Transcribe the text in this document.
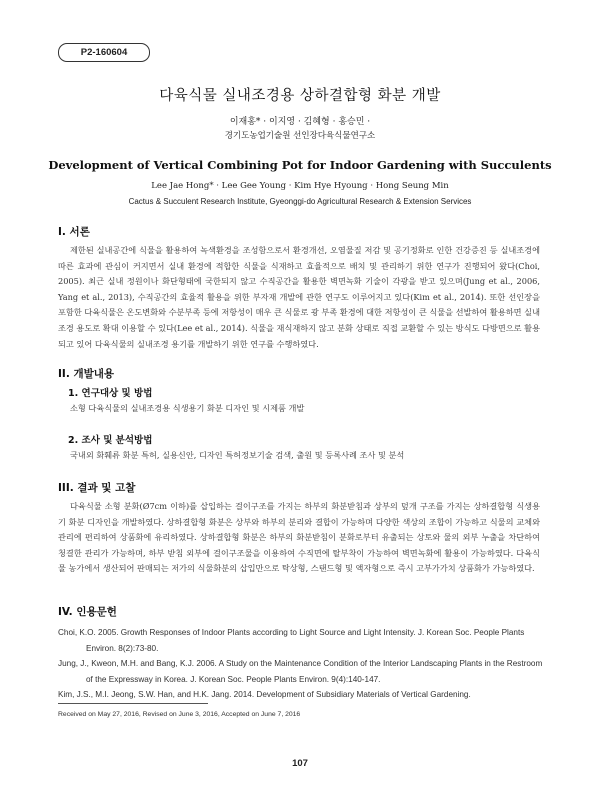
P2-160604
다육식물 실내조경용 상하결합형 화분 개발
이재홍* · 이지영 · 김혜형 · 홍승민 ·
경기도농업기술원 선인장다육식물연구소
Development of Vertical Combining Pot for Indoor Gardening with Succulents
Lee Jae Hong* · Lee Gee Young · Kim Hye Hyoung · Hong Seung Min
Cactus & Succulent Research Institute, Gyeonggi-do Agricultural Research & Extension Services
I. 서론
제한된 실내공간에 식물을 활용하여 녹색환경을 조성함으로서 환경개선, 오염물질 저감 및 공기정화로 인한 건강증진 등 실내조경에 따른 효과에 관심이 커지면서 실내 환경에 적합한 식물을 식재하고 효율적으로 배치 및 관리하기 위한 연구가 진행되어 왔다(Choi, 2005). 최근 실내 정원이나 화단형태에 국한되지 않고 수직공간을 활용한 벽면녹화 기술이 각광을 받고 있으며(Jung et al., 2006, Yang et al., 2013), 수직공간의 효율적 활용을 위한 부자재 개발에 관한 연구도 이루어지고 있다(Kim et al., 2014). 또한 선인장을 포함한 다육식물은 온도변화와 수분부족 등에 저항성이 매우 큰 식물로 광 부족 환경에 대한 저항성이 큰 식물을 선발하여 활용하면 실내조경 용도로 확대 이용할 수 있다(Lee et al., 2014). 식물을 재식재하지 않고 분화 상태로 직접 교환할 수 있는 방식도 다방면으로 활용되고 있어 다육식물의 실내조경 용기를 개발하기 위한 연구를 수행하였다.
II. 개발내용
1. 연구대상 및 방법
소형 다육식물의 실내조경용 식생용기 화분 디자인 및 시제품 개발
2. 조사 및 분석방법
국내외 화훼류 화분 특허, 실용신안, 디자인 특허정보기술 검색, 출원 및 등록사례 조사 및 분석
III. 결과 및 고찰
다육식물 소형 분화(Ø7cm 이하)를 삽입하는 걸이구조를 가지는 하부의 화분받침과 상부의 덮개 구조를 가지는 상하결합형 식생용기 화분 디자인을 개발하였다. 상하결합형 화분은 상부와 하부의 분리와 결합이 가능하며 다양한 색상의 조합이 가능하고 식물의 교체와 관리에 편리하여 상품화에 유리하였다. 상하결합형 화분은 하부의 화분받침이 분화로부터 유출되는 상토와 물의 외부 누출을 차단하여 청결한 관리가 가능하며, 하부 받침 외부에 걸이구조물을 이용하여 수직면에 탈부착이 가능하여 벽면녹화에 활용이 가능하였다. 다육식물 농가에서 생산되어 판매되는 저가의 식물화분의 삽입만으로 탁상형, 스탠드형 및 액자형으로 즉시 고부가가치 상품화가 가능하였다.
IV. 인용문헌
Choi, K.O. 2005. Growth Responses of Indoor Plants according to Light Source and Light Intensity. J. Korean Soc. People Plants Environ. 8(2):73-80.
Jung, J., Kweon, M.H. and Bang, K.J. 2006. A Study on the Maintenance Condition of the Interior Landscaping Plants in the Restroom of the Expressway in Korea. J. Korean Soc. People Plants Environ. 9(4):140-147.
Kim, J.S., M.I. Jeong, S.W. Han, and H.K. Jang. 2014. Development of Subsidiary Materials of Vertical Gardening.
Received on May 27, 2016, Revised on June 3, 2016, Accepted on June 7, 2016
107
